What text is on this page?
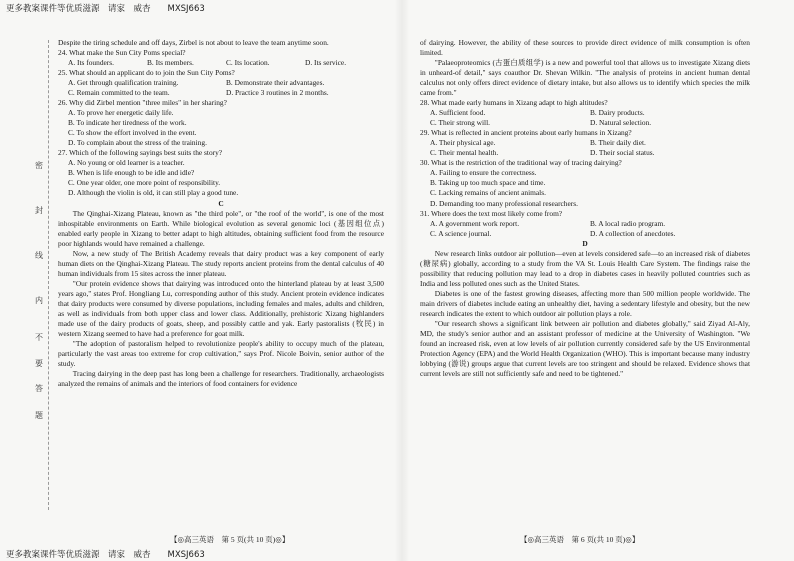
更多教案课件等优质滋源　请家　威杏　　MXSJ663
密
封
线
内
不
要
答
题

Despite the tiring schedule and off days, Zirbel is not about to leave the team anytime soon.

24. What make the Sun City Poms special?

A. Its founders.	B. Its members.	C. Its location.	D. Its service.

25. What should an applicant do to join the Sun City Poms?

A. Get through qualification training.	B. Demonstrate their advantages.
C. Remain committed to the team.	D. Practice 3 routines in 2 months.

26. Why did Zirbel mention "three miles" in her sharing?

A. To prove her energetic daily life.

B. To indicate her tiredness of the work.

C. To show the effort involved in the event.

D. To complain about the stress of the training.

27. Which of the following sayings best suits the story?

A. No young or old learner is a teacher.

B. When is life enough to be idle and idle?

C. One year older, one more point of responsibility.

D. Although the violin is old, it can still play a good tune.

C

The Qinghai-Xizang Plateau, known as "the third pole", or "the roof of the world", is one of the most inhospitable environments on Earth. While biological evolution as several genomic loci (基因组位点) enabled early people in Xizang to better adapt to high altitudes, obtaining sufficient food from the resource poor highlands would have remained a challenge.

Now, a new study of The British Academy reveals that dairy product was a key component of early human diets on the Qinghai-Xizang Plateau. The study reports ancient proteins from the dental calculus of 40 human individuals from 15 sites across the inner plateau.

"Our protein evidence shows that dairying was introduced onto the hinterland plateau by at least 3,500 years ago," states Prof. Hongliang Lu, corresponding author of this study. Ancient protein evidence indicates that dairy products were consumed by diverse populations, including females and males, adults and children, as well as individuals from both upper class and lower class. Additionally, prehistoric Xizang highlanders made use of the dairy products of goats, sheep, and possibly cattle and yak. Early pastoralists (牧民) in western Xizang seemed to have had a preference for goat milk.

"The adoption of pastoralism helped to revolutionize people's ability to occupy much of the plateau, particularly the vast areas too extreme for crop cultivation," says Prof. Nicole Boivin, senior author of the study.

Tracing dairying in the deep past has long been a challenge for researchers. Traditionally, archaeologists analyzed the remains of animals and the interiors of food containers for evidence

of dairying. However, the ability of these sources to provide direct evidence of milk consumption is often limited.

"Palaeoproteomics (古蛋白质组学) is a new and powerful tool that allows us to investigate Xizang diets in unheard-of detail," says coauthor Dr. Shevan Wilkin. "The analysis of proteins in ancient human dental calculus not only offers direct evidence of dietary intake, but also allows us to identify which species the milk came from."

28. What made early humans in Xizang adapt to high altitudes?

A. Sufficient food.	B. Dairy products.
C. Their strong will.	D. Natural selection.

29. What is reflected in ancient proteins about early humans in Xizang?

A. Their physical age.	B. Their daily diet.
C. Their mental health.	D. Their social status.

30. What is the restriction of the traditional way of tracing dairying?

A. Failing to ensure the correctness.

B. Taking up too much space and time.

C. Lacking remains of ancient animals.

D. Demanding too many professional researchers.

31. Where does the text most likely come from?

A. A government work report.	B. A local radio program.
C. A science journal.	D. A collection of anecdotes.

D

New research links outdoor air pollution—even at levels considered safe—to an increased risk of diabetes (糖尿病) globally, according to a study from the VA St. Louis Health Care System. The findings raise the possibility that reducing pollution may lead to a drop in diabetes cases in heavily polluted countries such as India and less polluted ones such as the United States.

Diabetes is one of the fastest growing diseases, affecting more than 500 million people worldwide. The main drivers of diabetes include eating an unhealthy diet, having a sedentary lifestyle and obesity, but the new research indicates the extent to which outdoor air pollution plays a role.

"Our research shows a significant link between air pollution and diabetes globally," said Ziyad Al-Aly, MD, the study's senior author and an assistant professor of medicine at the University of Washington. "We found an increased risk, even at low levels of air pollution currently considered safe by the US Environmental Protection Agency (EPA) and the World Health Organization (WHO). This is important because many industry lobbying (游说) groups argue that current levels are too stringent and should be relaxed. Evidence shows that current levels are still not sufficiently safe and need to be tightened."

【◎高三英语　第 5 页(共 10 页)◎】	【◎高三英语　第 6 页(共 10 页)◎】
更多教案课件等优质滋源　请家　威杏　　MXSJ663
